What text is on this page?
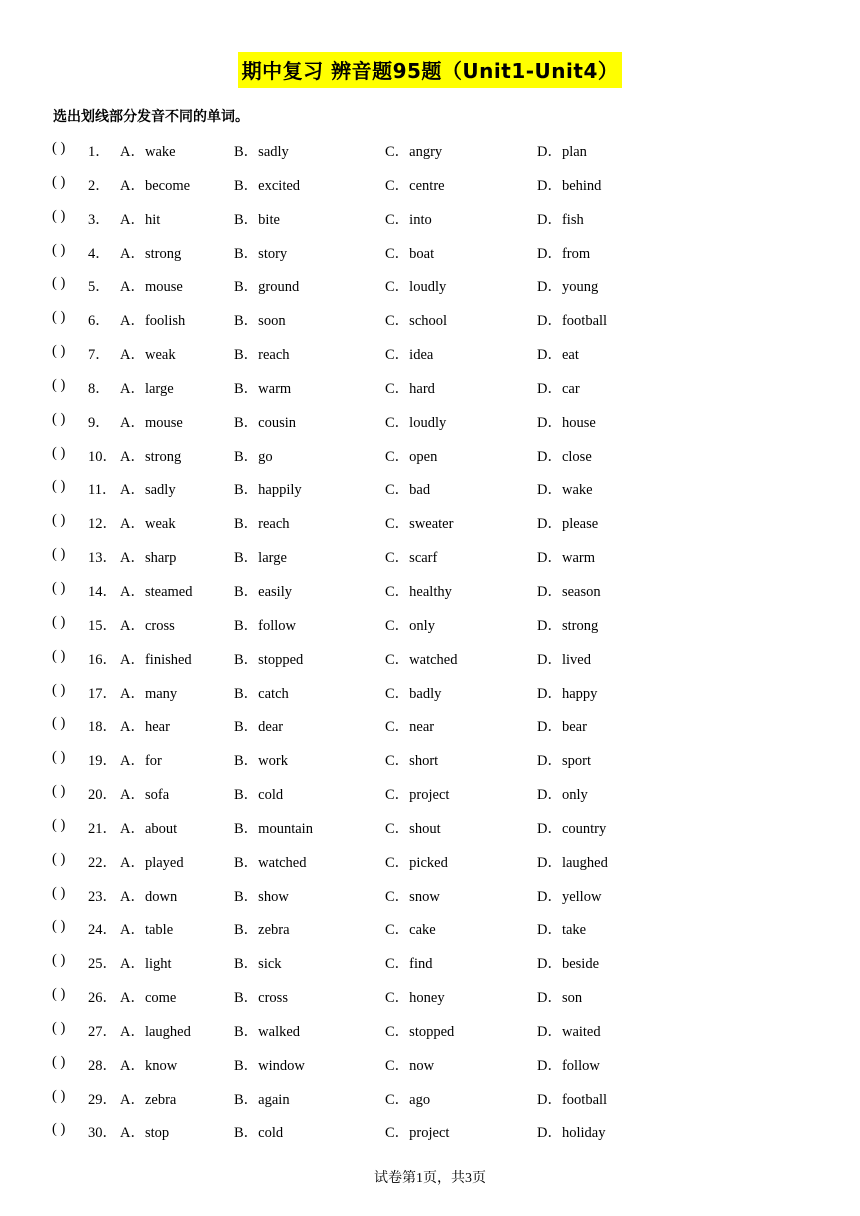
期中复习 辨音题95题（Unit1-Unit4）
选出划线部分发音不同的单词。
( ) 1． A．wake	B．sadly	C．angry	D．plan
( ) 2． A．become	B．excited	C．centre	D．behind
( ) 3． A．hit	B．bite	C．into	D．fish
( ) 4． A．strong	B．story	C．boat	D．from
( ) 5． A．mouse	B．ground	C．loudly	D．young
( ) 6． A．foolish	B．soon	C．school	D．football
( ) 7． A．weak	B．reach	C．idea	D．eat
( ) 8． A．large	B．warm	C．hard	D．car
( ) 9． A．mouse	B．cousin	C．loudly	D．house
( ) 10． A．strong	B．go	C．open	D．close
( ) 11． A．sadly	B．happily	C．bad	D．wake
( ) 12． A．weak	B．reach	C．sweater	D．please
( ) 13． A．sharp	B．large	C．scarf	D．warm
( ) 14． A．steamed	B．easily	C．healthy	D．season
( ) 15． A．cross	B．follow	C．only	D．strong
( ) 16． A．finished	B．stopped	C．watched	D．lived
( ) 17． A．many	B．catch	C．badly	D．happy
( ) 18． A．hear	B．dear	C．near	D．bear
( ) 19． A．for	B．work	C．short	D．sport
( ) 20． A．sofa	B．cold	C．project	D．only
( ) 21． A．about	B．mountain	C．shout	D．country
( ) 22． A．played	B．watched	C．picked	D．laughed
( ) 23． A．down	B．show	C．snow	D．yellow
( ) 24． A．table	B．zebra	C．cake	D．take
( ) 25． A．light	B．sick	C．find	D．beside
( ) 26． A．come	B．cross	C．honey	D．son
( ) 27． A．laughed	B．walked	C．stopped	D．waited
( ) 28． A．know	B．window	C．now	D．follow
( ) 29． A．zebra	B．again	C．ago	D．football
( ) 30． A．stop	B．cold	C．project	D．holiday
试卷第1页，共3页
